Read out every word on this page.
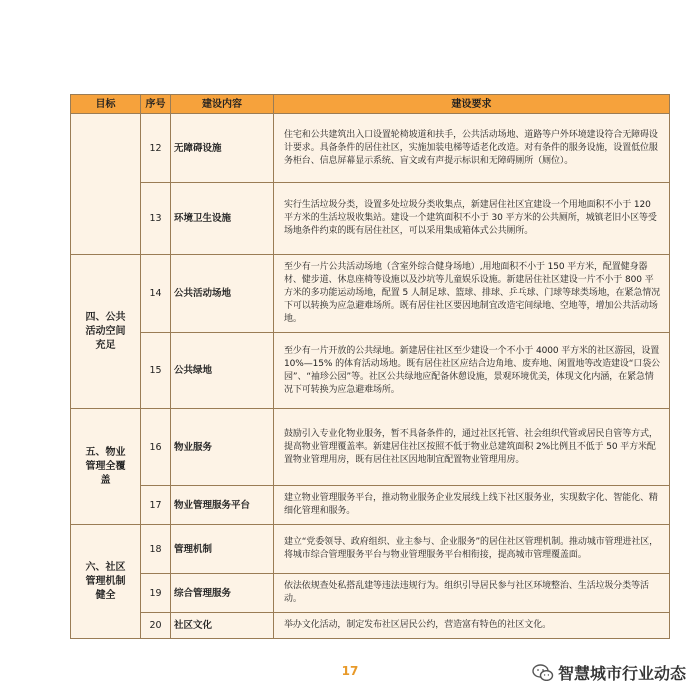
目标	序号	建设内容	建设要求
	12	无障碍设施	住宅和公共建筑出入口设置轮椅坡道和扶手，公共活动场地、道路等户外环境建设符合无障碍设计要求。具备条件的居住社区，实施加装电梯等适老化改造。对有条件的服务设施，设置低位服务柜台、信息屏幕显示系统、盲文或有声提示标识和无障碍厕所（厕位）。
	13	环境卫生设施	实行生活垃圾分类，设置多处垃圾分类收集点，新建居住社区宜建设一个用地面积不小于 120 平方米的生活垃圾收集站。建设一个建筑面积不小于 30 平方米的公共厕所，城镇老旧小区等受场地条件约束的既有居住社区，可以采用集成箱体式公共厕所。
四、公共活动空间充足	14	公共活动场地	至少有一片公共活动场地（含室外综合健身场地）,用地面积不小于 150 平方米，配置健身器材、健步道、休息座椅等设施以及沙坑等儿童娱乐设施。新建居住社区建设一片不小于 800 平方米的多功能运动场地，配置 5 人制足球、篮球、排球、乒乓球、门球等球类场地，在紧急情况下可以转换为应急避难场所。既有居住社区要因地制宜改造宅间绿地、空地等，增加公共活动场地。
	15	公共绿地	至少有一片开放的公共绿地。新建居住社区至少建设一个不小于 4000 平方米的社区游园，设置 10%—15% 的体育活动场地。既有居住社区应结合边角地、废弃地、闲置地等改造建设“口袋公园”、“袖珍公园”等。社区公共绿地应配备休憩设施，景观环境优美，体现文化内涵，在紧急情况下可转换为应急避难场所。
五、物业管理全覆盖	16	物业服务	鼓励引入专业化物业服务，暂不具备条件的，通过社区托管、社会组织代管或居民自管等方式，提高物业管理覆盖率。新建居住社区按照不低于物业总建筑面积 2%比例且不低于 50 平方米配置物业管理用房，既有居住社区因地制宜配置物业管理用房。
	17	物业管理服务平台	建立物业管理服务平台，推动物业服务企业发展线上线下社区服务业，实现数字化、智能化、精细化管理和服务。
六、社区管理机制健全	18	管理机制	建立“党委领导、政府组织、业主参与、企业服务”的居住社区管理机制。推动城市管理进社区，将城市综合管理服务平台与物业管理服务平台相衔接，提高城市管理覆盖面。
	19	综合管理服务	依法依规查处私搭乱建等违法违规行为。组织引导居民参与社区环境整治、生活垃圾分类等活动。
	20	社区文化	举办文化活动，制定发布社区居民公约，营造富有特色的社区文化。
17	智慧城市行业动态
